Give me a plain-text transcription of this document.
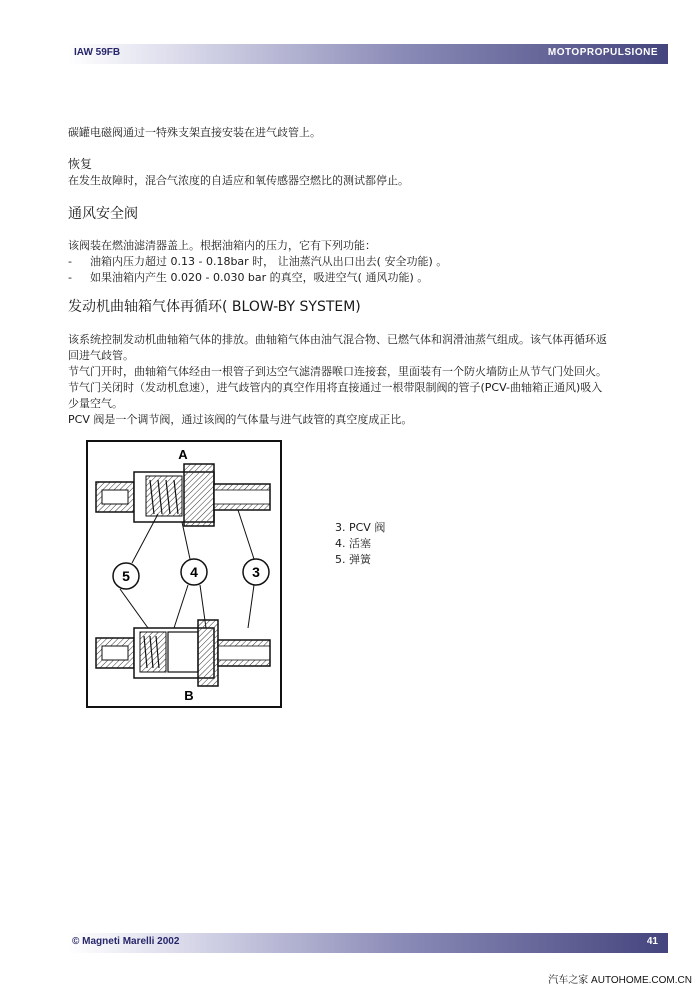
IAW 59FB	MOTOPROPULSIONE
碳罐电磁阀通过一特殊支架直接安装在进气歧管上。
恢复
在发生故障时，混合气浓度的自适应和氧传感器空燃比的测试都停止。
通风安全阀
该阀装在燃油滤清器盖上。根据油箱内的压力，它有下列功能：
- 油箱内压力超过 0.13 - 0.18bar 时， 让油蒸汽从出口出去( 安全功能) 。
- 如果油箱内产生 0.020 - 0.030 bar 的真空，吸进空气( 通风功能) 。
发动机曲轴箱气体再循环( BLOW-BY SYSTEM)
该系统控制发动机曲轴箱气体的排放。曲轴箱气体由油气混合物、已燃气体和润滑油蒸气组成。该气体再循环返
回进气歧管。
节气门开时，曲轴箱气体经由一根管子到达空气滤清器喉口连接套，里面装有一个防火墙防止从节气门处回火。
节气门关闭时（发动机怠速），进气歧管内的真空作用将直接通过一根带限制阀的管子(PCV-曲轴箱正通风)吸入
少量空气。
PCV 阀是一个调节阀，通过该阀的气体量与进气歧管的真空度成正比。
A
5	4	3
B
3. PCV 阀
4. 活塞
5. 弹簧
© Magneti Marelli 2002	41
汽车之家 AUTOHOME.COM.CN
